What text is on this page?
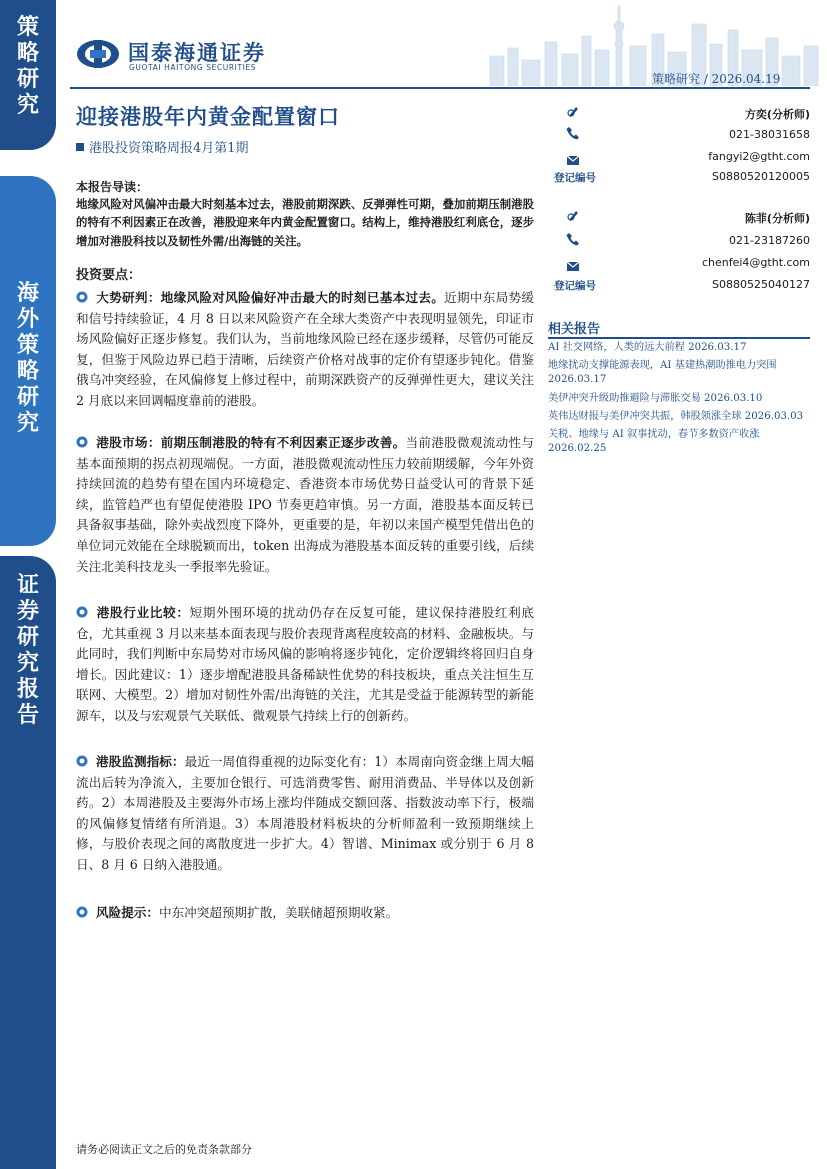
策
略
研
究
海
外
策
略
研
究
证
券
研
究
报
告
国泰海通证券
GUOTAI HAITONG SECURITIES
策略研究 / 2026.04.19
迎接港股年内黄金配置窗口
港股投资策略周报4月第1期
方奕(分析师)
021-38031658
fangyi2@gtht.com
登记编号	S0880520120005
陈菲(分析师)
021-23187260
chenfei4@gtht.com
登记编号	S0880525040127
相关报告
AI 社交网络，人类的远大前程 2026.03.17
地缘扰动支撑能源表现，AI 基建热潮助推电力突围 2026.03.17
美伊冲突升级助推避险与滞胀交易 2026.03.10
英伟达财报与美伊冲突共振，韩股领涨全球 2026.03.03
关税、地缘与 AI 叙事扰动，春节多数资产收涨 2026.02.25
本报告导读：
地缘风险对风偏冲击最大时刻基本过去，港股前期深跌、反弹弹性可期，叠加前期压制港股的特有不利因素正在改善，港股迎来年内黄金配置窗口。结构上，维持港股红利底仓，逐步增加对港股科技以及韧性外需/出海链的关注。
投资要点：
大势研判：地缘风险对风险偏好冲击最大的时刻已基本过去。近期中东局势缓和信号持续验证，4 月 8 日以来风险资产在全球大类资产中表现明显领先，印证市场风险偏好正逐步修复。我们认为，当前地缘风险已经在逐步缓释，尽管仍可能反复，但鉴于风险边界已趋于清晰，后续资产价格对战事的定价有望逐步钝化。借鉴俄乌冲突经验，在风偏修复上修过程中，前期深跌资产的反弹弹性更大，建议关注 2 月底以来回调幅度靠前的港股。
港股市场：前期压制港股的特有不利因素正逐步改善。当前港股微观流动性与基本面预期的拐点初现端倪。一方面，港股微观流动性压力较前期缓解，今年外资持续回流的趋势有望在国内环境稳定、香港资本市场优势日益受认可的背景下延续，监管趋严也有望促使港股 IPO 节奏更趋审慎。另一方面，港股基本面反转已具备叙事基础，除外卖战烈度下降外，更重要的是，年初以来国产模型凭借出色的单位词元效能在全球脱颖而出，token 出海成为港股基本面反转的重要引线，后续关注北美科技龙头一季报率先验证。
港股行业比较：短期外围环境的扰动仍存在反复可能，建议保持港股红利底仓，尤其重视 3 月以来基本面表现与股价表现背离程度较高的材料、金融板块。与此同时，我们判断中东局势对市场风偏的影响将逐步钝化，定价逻辑终将回归自身增长。因此建议：1）逐步增配港股具备稀缺性优势的科技板块，重点关注恒生互联网、大模型。2）增加对韧性外需/出海链的关注，尤其是受益于能源转型的新能源车，以及与宏观景气关联低、微观景气持续上行的创新药。
港股监测指标：最近一周值得重视的边际变化有：1）本周南向资金继上周大幅流出后转为净流入，主要加仓银行、可选消费零售、耐用消费品、半导体以及创新药。2）本周港股及主要海外市场上涨均伴随成交额回落、指数波动率下行，极端的风偏修复情绪有所消退。3）本周港股材料板块的分析师盈利一致预期继续上修，与股价表现之间的离散度进一步扩大。4）智谱、Minimax 或分别于 6 月 8 日、8 月 6 日纳入港股通。
风险提示：中东冲突超预期扩散，美联储超预期收紧。
请务必阅读正文之后的免责条款部分
